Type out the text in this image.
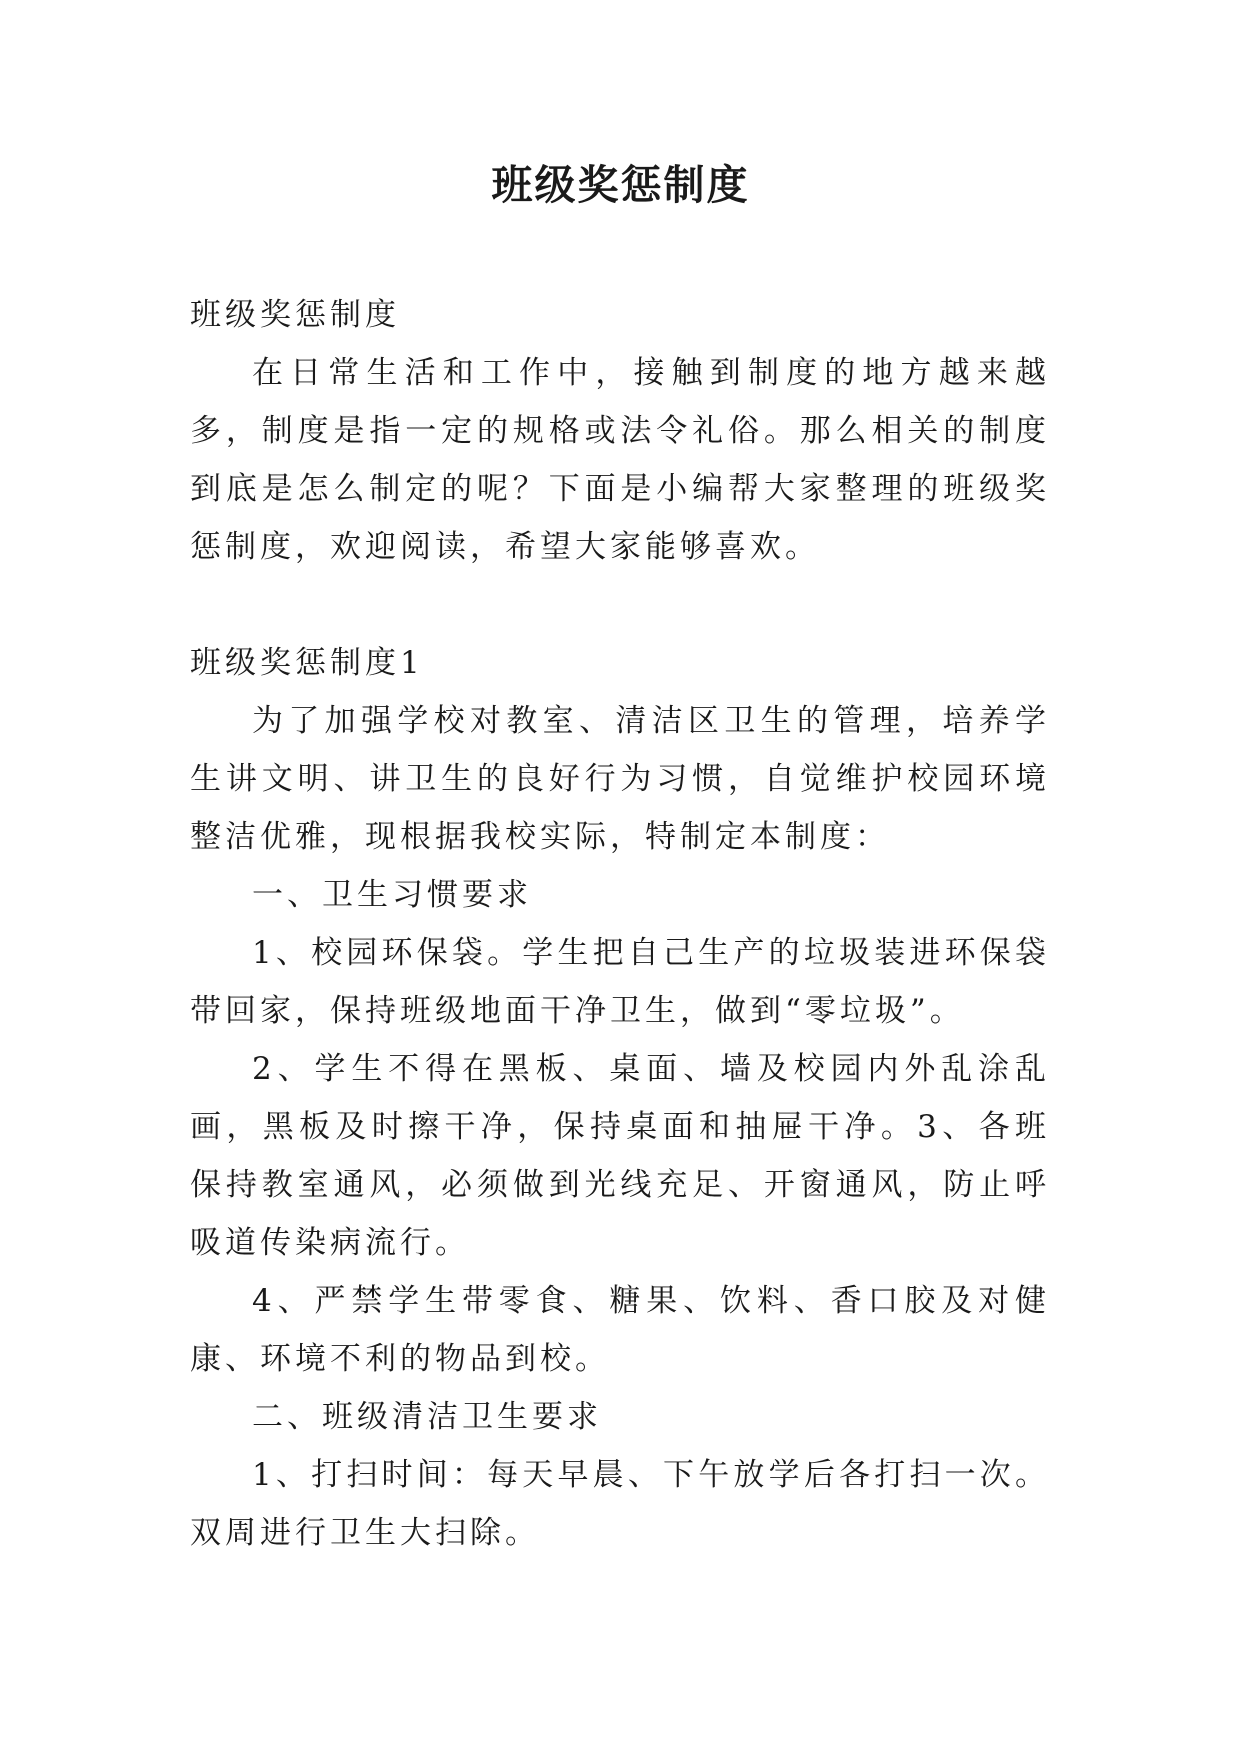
班级奖惩制度

班级奖惩制度

在日常生活和工作中，接触到制度的地方越来越多，制度是指一定的规格或法令礼俗。那么相关的制度到底是怎么制定的呢？下面是小编帮大家整理的班级奖惩制度，欢迎阅读，希望大家能够喜欢。

班级奖惩制度1

为了加强学校对教室、清洁区卫生的管理，培养学生讲文明、讲卫生的良好行为习惯，自觉维护校园环境整洁优雅，现根据我校实际，特制定本制度：

一、卫生习惯要求

1、校园环保袋。学生把自己生产的垃圾装进环保袋带回家，保持班级地面干净卫生，做到“零垃圾”。

2、学生不得在黑板、桌面、墙及校园内外乱涂乱画，黑板及时擦干净，保持桌面和抽屉干净。3、各班保持教室通风，必须做到光线充足、开窗通风，防止呼吸道传染病流行。

4、严禁学生带零食、糖果、饮料、香口胶及对健康、环境不利的物品到校。

二、班级清洁卫生要求

1、打扫时间：每天早晨、下午放学后各打扫一次。双周进行卫生大扫除。
